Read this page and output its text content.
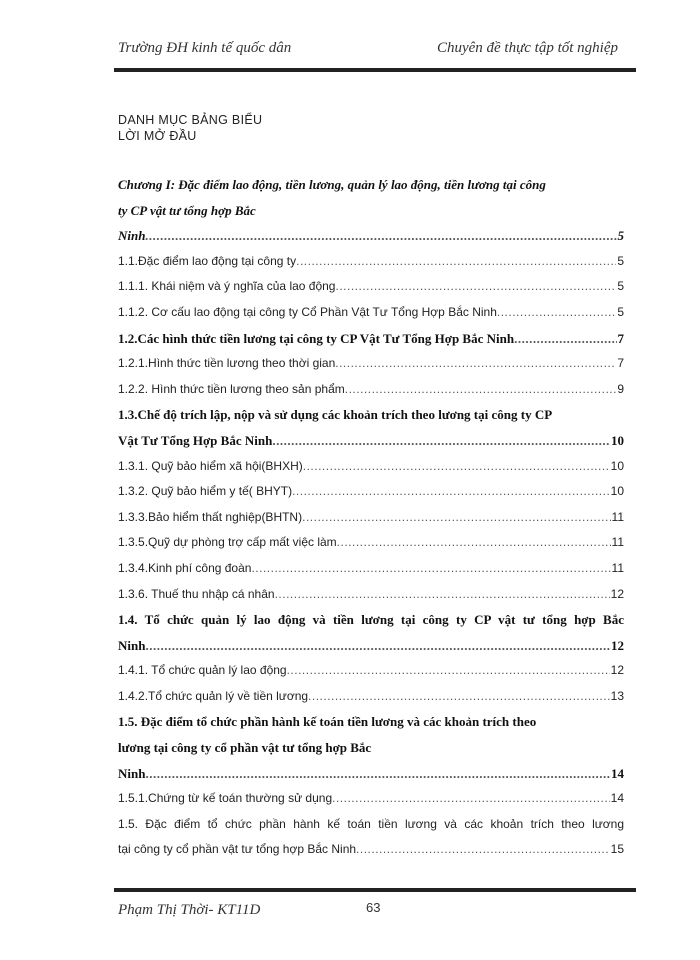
Trường ĐH kinh tế quốc dân	Chuyên đề thực tập tốt nghiệp
DANH MỤC BẢNG BIỂU
LỜI MỞ ĐẦU
Chương I: Đặc điểm lao động, tiền lương, quản lý lao động, tiền lương tại công
ty CP vật tư tổng hợp Bắc
Ninh .....	5
1.1.Đặc điểm lao động tại công ty .....	5
1.1.1. Khái niệm và ý nghĩa của lao động .....	5
1.1.2. Cơ cấu lao động tại công ty Cổ Phần Vật Tư Tổng Hợp Bắc Ninh .....	5
1.2.Các hình thức tiền lương tại công ty CP Vật Tư Tổng Hợp Bắc Ninh .....	7
1.2.1.Hình thức tiền lương theo thời gian .....	7
1.2.2. Hình thức tiền lương theo sản phẩm .....	9
1.3.Chế độ trích lập, nộp và sử dụng các khoản trích theo lương tại công ty CP
Vật Tư Tổng Hợp Bắc Ninh .....	10
1.3.1. Quỹ bảo hiểm xã hội(BHXH) .....	10
1.3.2. Quỹ bảo hiểm y tế( BHYT) .....	10
1.3.3.Bảo hiểm thất nghiệp(BHTN) .....	11
1.3.5.Quỹ dự phòng trợ cấp mất việc làm .....	11
1.3.4.Kinh phí công đoàn .....	11
1.3.6. Thuế thu nhập cá nhân .....	12
1.4. Tổ chức quản lý lao động và tiền lương tại công ty CP vật tư tổng hợp Bắc
Ninh .....	12
1.4.1. Tổ chức quản lý lao động .....	12
1.4.2.Tổ chức quản lý về tiền lương .....	13
1.5. Đặc điểm tổ chức phần hành kế toán tiền lương và các khoản trích theo
lương tại công ty cổ phần vật tư tổng hợp Bắc
Ninh .....	14
1.5.1.Chứng từ kế toán thường sử dụng .....	14
1.5. Đặc điểm tổ chức phần hành kế toán tiền lương và các khoản trích theo lương
tại công ty cổ phần vật tư tổng hợp Bắc Ninh .....	15
Phạm Thị Thời- KT11D	63
